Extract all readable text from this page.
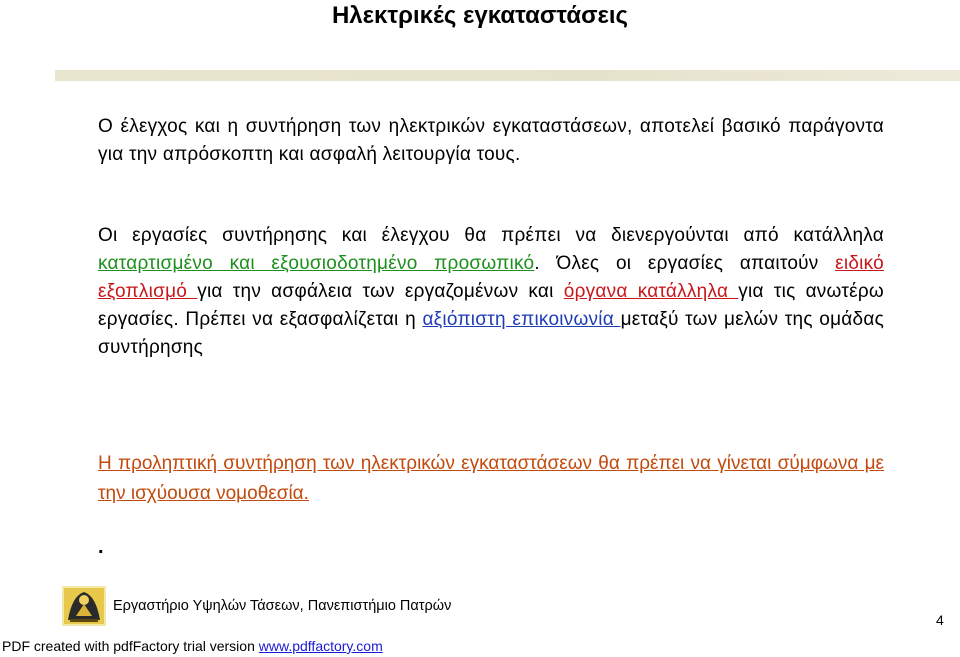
Ηλεκτρικές εγκαταστάσεις
Ο έλεγχος και η συντήρηση των ηλεκτρικών εγκαταστάσεων, αποτελεί βασικό παράγοντα για την απρόσκοπτη και ασφαλή λειτουργία τους.
Οι εργασίες συντήρησης και έλεγχου θα πρέπει να διενεργούνται από κατάλληλα καταρτισμένο και εξουσιοδοτημένο προσωπικό. Όλες οι εργασίες απαιτούν ειδικό εξοπλισμό για την ασφάλεια των εργαζομένων και όργανα κατάλληλα για τις ανωτέρω εργασίες. Πρέπει να εξασφαλίζεται η αξιόπιστη επικοινωνία μεταξύ των μελών της ομάδας συντήρησης
Η προληπτική συντήρηση των ηλεκτρικών εγκαταστάσεων θα πρέπει να γίνεται σύμφωνα με την ισχύουσα νομοθεσία.
.
Εργαστήριο Υψηλών Τάσεων, Πανεπιστήμιο Πατρών
4
PDF created with pdfFactory trial version www.pdffactory.com
